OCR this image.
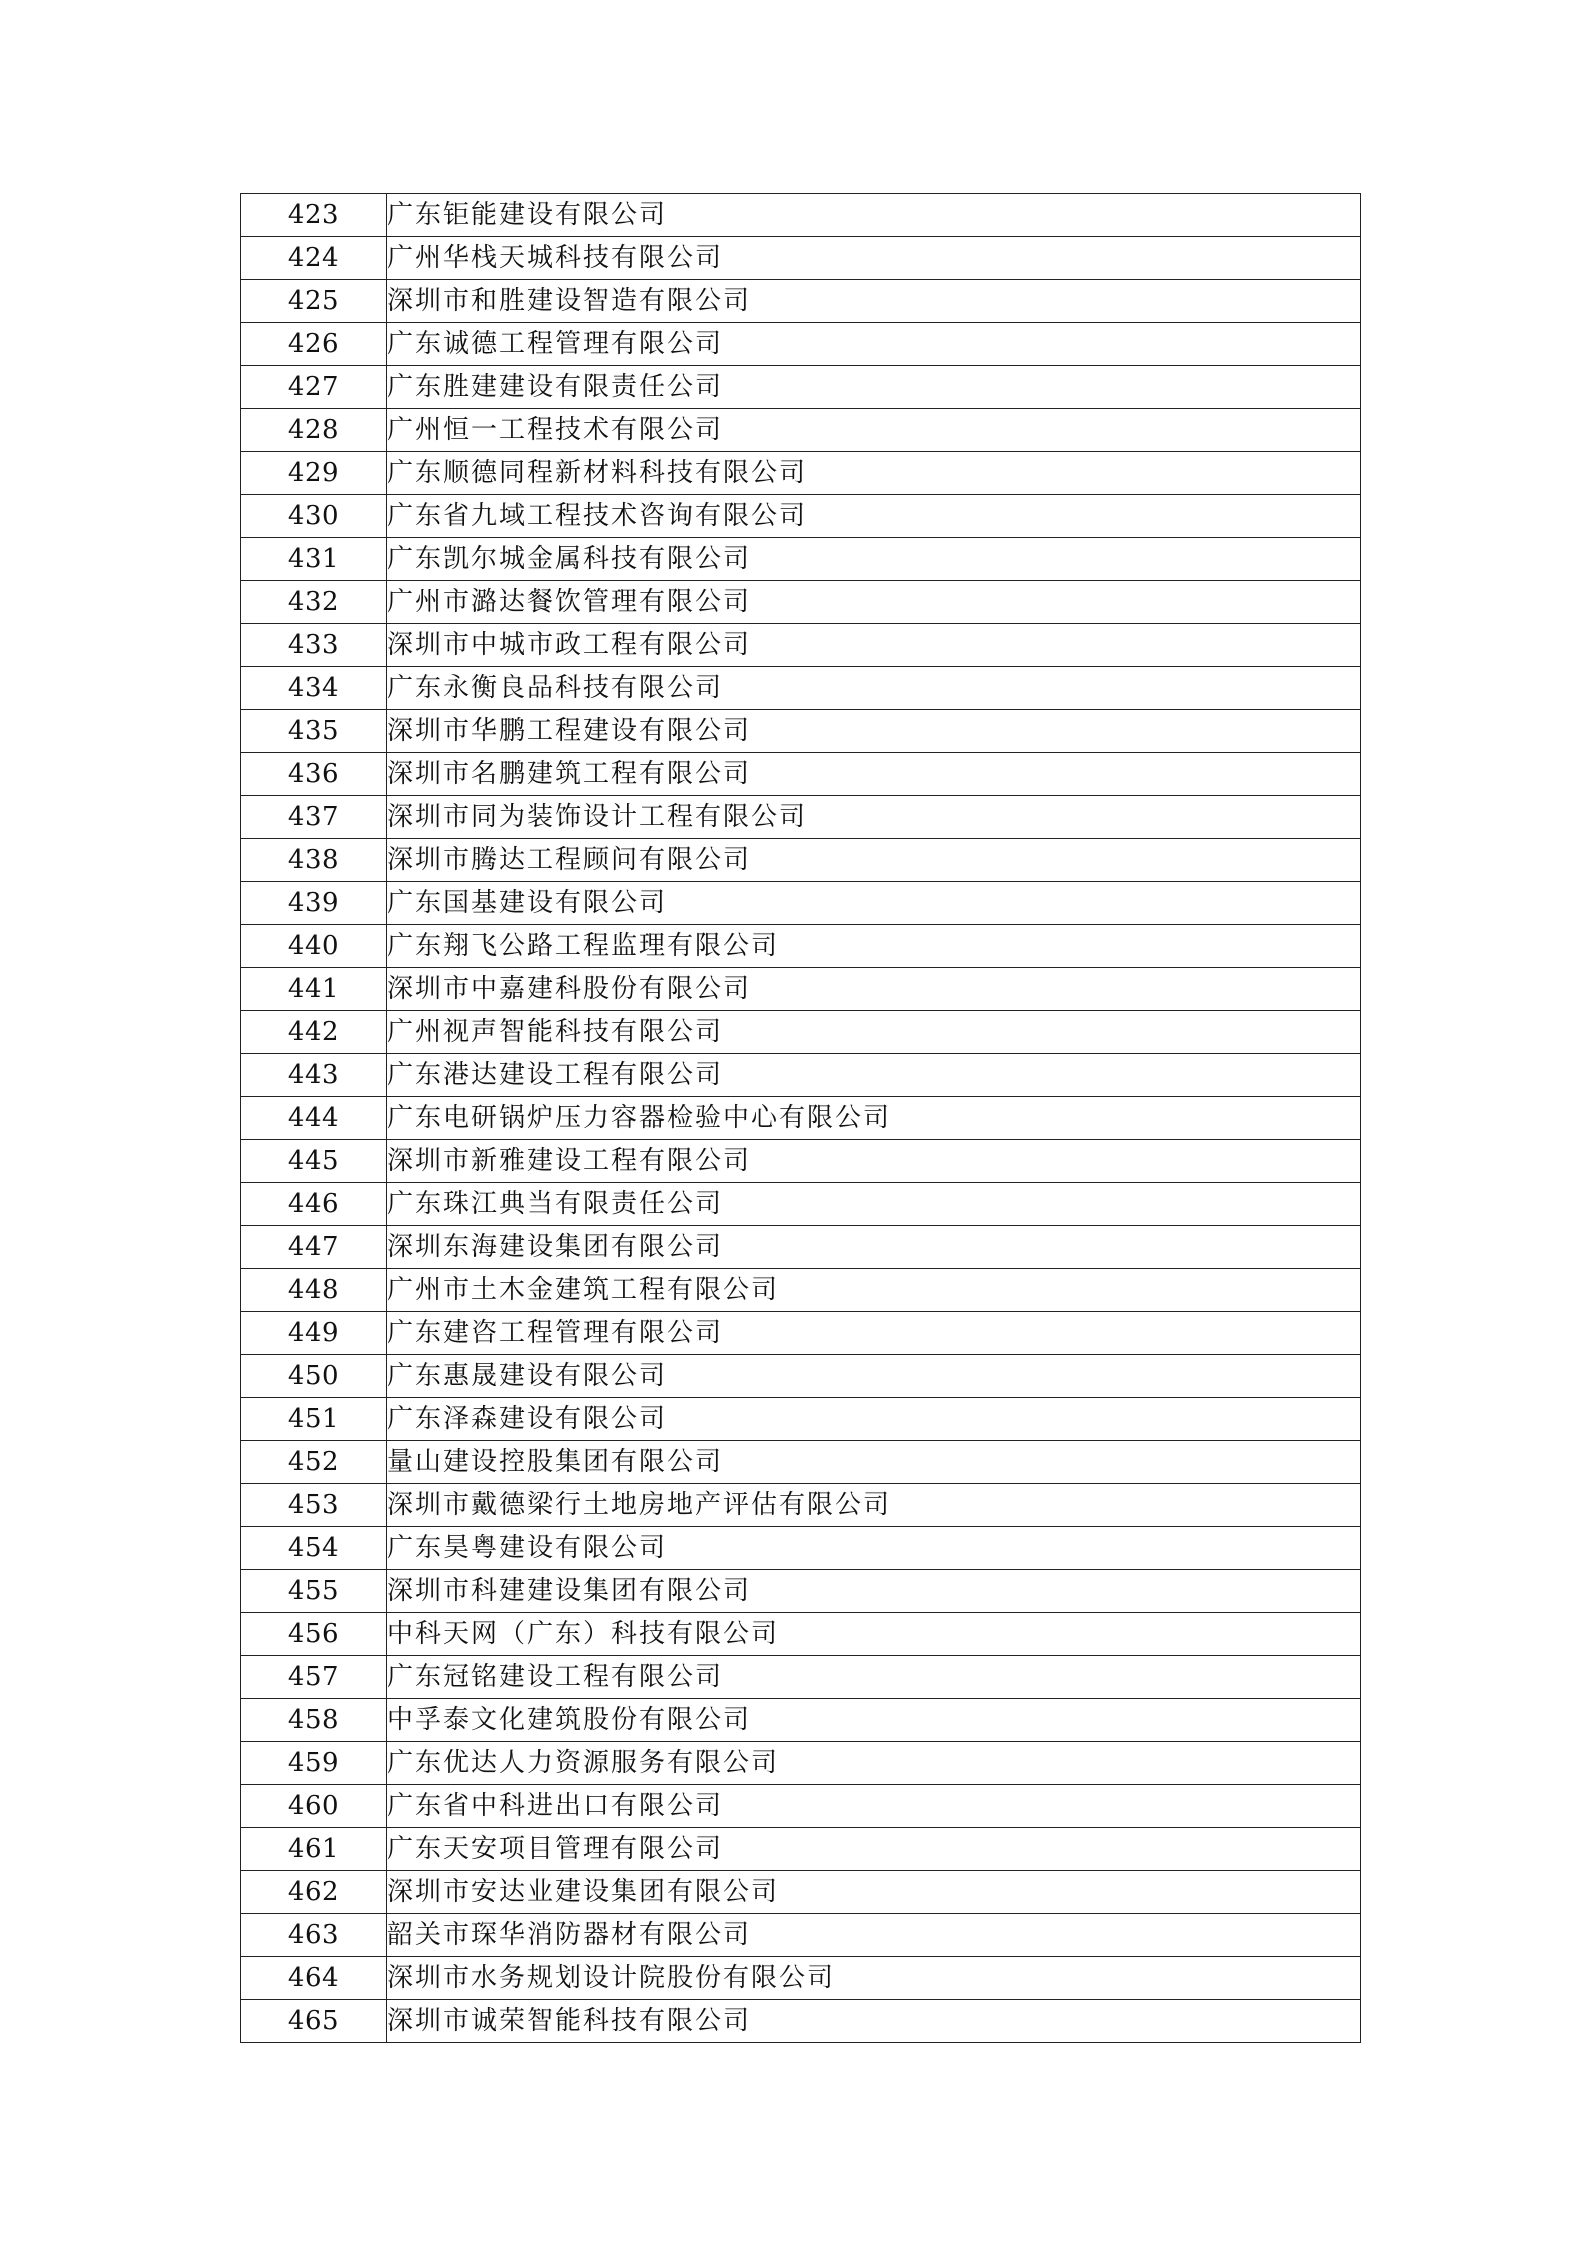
423	广东钜能建设有限公司
424	广州华栈天城科技有限公司
425	深圳市和胜建设智造有限公司
426	广东诚德工程管理有限公司
427	广东胜建建设有限责任公司
428	广州恒一工程技术有限公司
429	广东顺德同程新材料科技有限公司
430	广东省九域工程技术咨询有限公司
431	广东凯尔城金属科技有限公司
432	广州市潞达餐饮管理有限公司
433	深圳市中城市政工程有限公司
434	广东永衡良品科技有限公司
435	深圳市华鹏工程建设有限公司
436	深圳市名鹏建筑工程有限公司
437	深圳市同为装饰设计工程有限公司
438	深圳市腾达工程顾问有限公司
439	广东国基建设有限公司
440	广东翔飞公路工程监理有限公司
441	深圳市中嘉建科股份有限公司
442	广州视声智能科技有限公司
443	广东港达建设工程有限公司
444	广东电研锅炉压力容器检验中心有限公司
445	深圳市新雅建设工程有限公司
446	广东珠江典当有限责任公司
447	深圳东海建设集团有限公司
448	广州市土木金建筑工程有限公司
449	广东建咨工程管理有限公司
450	广东惠晟建设有限公司
451	广东泽森建设有限公司
452	量山建设控股集团有限公司
453	深圳市戴德梁行土地房地产评估有限公司
454	广东昊粤建设有限公司
455	深圳市科建建设集团有限公司
456	中科天网（广东）科技有限公司
457	广东冠铭建设工程有限公司
458	中孚泰文化建筑股份有限公司
459	广东优达人力资源服务有限公司
460	广东省中科进出口有限公司
461	广东天安项目管理有限公司
462	深圳市安达业建设集团有限公司
463	韶关市琛华消防器材有限公司
464	深圳市水务规划设计院股份有限公司
465	深圳市诚荣智能科技有限公司
